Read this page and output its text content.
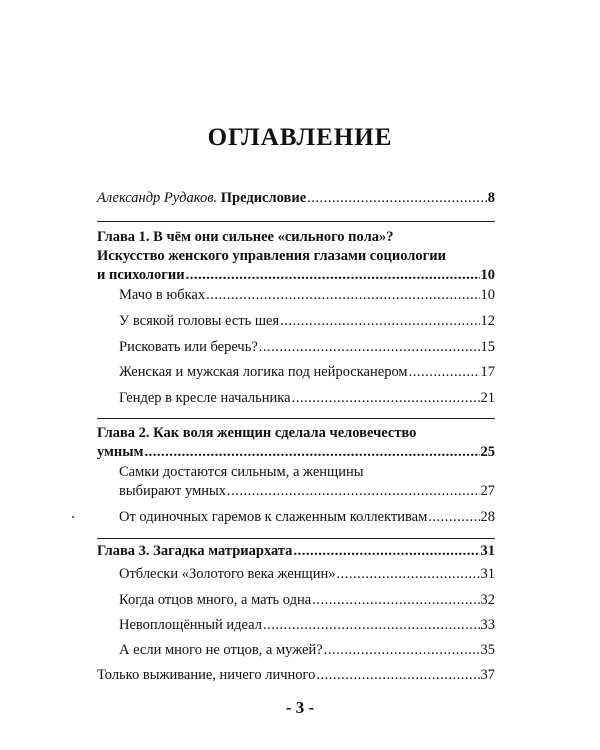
ОГЛАВЛЕНИЕ
Александр Рудаков. Предисловие .....	8
Глава 1. В чём они сильнее «сильного пола»?
Искусство женского управления глазами социологии
и психологии .....	10
Мачо в юбках .....	10
У всякой головы есть шея .....	12
Рисковать или беречь? .....	15
Женская и мужская логика под нейросканером .....	17
Гендер в кресле начальника .....	21
Глава 2. Как воля женщин сделала человечество
умным .....	25
Самки достаются сильным, а женщины
выбирают умных .....	27
От одиночных гаремов к слаженным коллективам .....	28
Глава 3. Загадка матриархата .....	31
Отблески «Золотого века женщин» .....	31
Когда отцов много, а мать одна .....	32
Невоплощённый идеал .....	33
А если много не отцов, а мужей? .....	35
Только выживание, ничего личного .....	37
- 3 -
